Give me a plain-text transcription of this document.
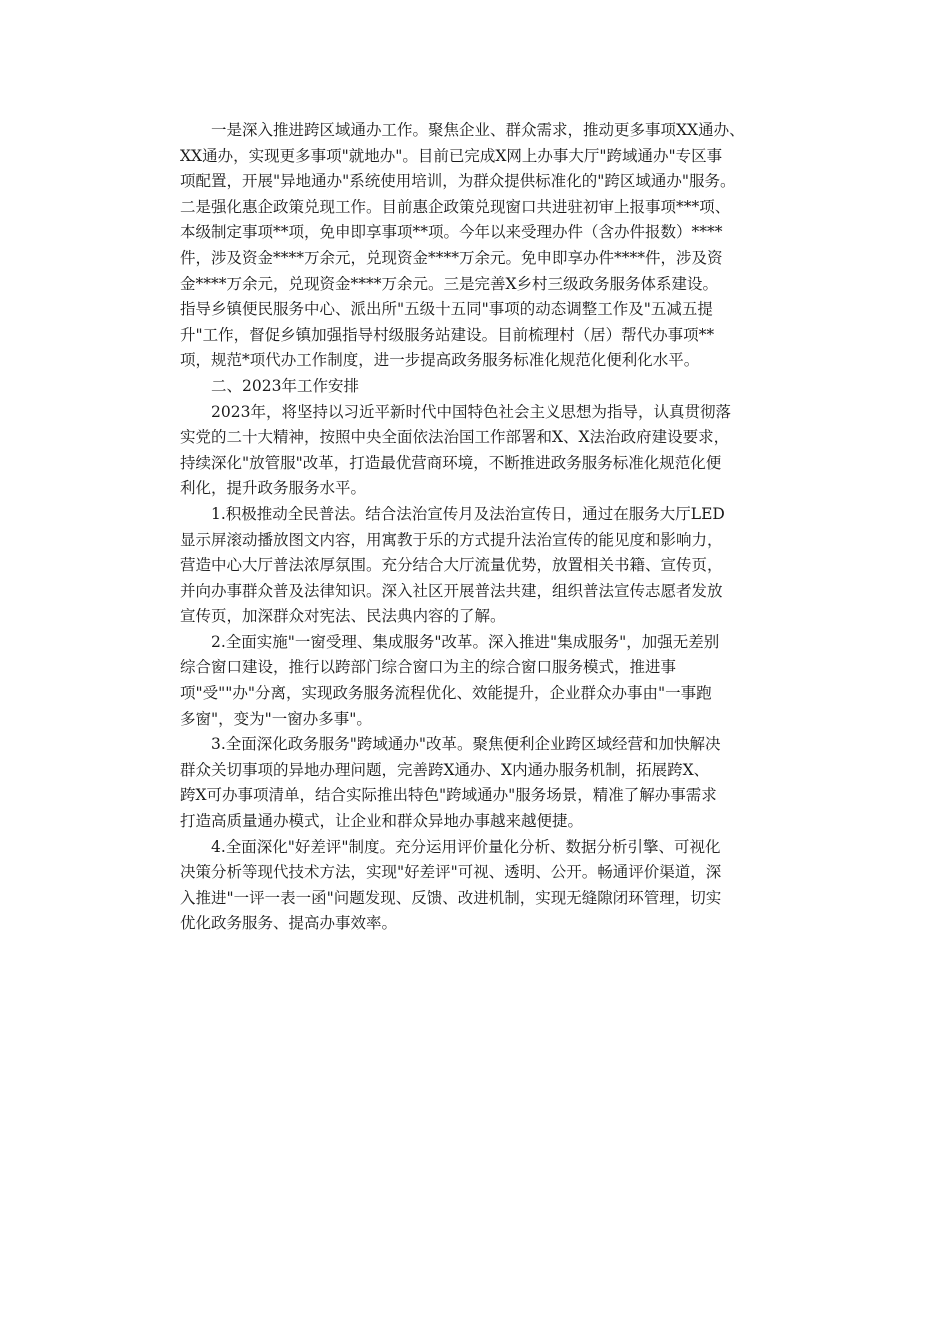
一是深入推进跨区域通办工作。聚焦企业、群众需求，推动更多事项XX通办、
XX通办，实现更多事项"就地办"。目前已完成X网上办事大厅"跨域通办"专区事
项配置，开展"异地通办"系统使用培训，为群众提供标准化的"跨区域通办"服务。
二是强化惠企政策兑现工作。目前惠企政策兑现窗口共进驻初审上报事项***项、
本级制定事项**项，免申即享事项**项。今年以来受理办件（含办件报数）****
件，涉及资金****万余元，兑现资金****万余元。免申即享办件****件，涉及资
金****万余元，兑现资金****万余元。三是完善X乡村三级政务服务体系建设。
指导乡镇便民服务中心、派出所"五级十五同"事项的动态调整工作及"五减五提
升"工作，督促乡镇加强指导村级服务站建设。目前梳理村（居）帮代办事项**
项，规范*项代办工作制度，进一步提高政务服务标准化规范化便利化水平。

二、2023年工作安排

2023年，将坚持以习近平新时代中国特色社会主义思想为指导，认真贯彻落
实党的二十大精神，按照中央全面依法治国工作部署和X、X法治政府建设要求，
持续深化"放管服"改革，打造最优营商环境，不断推进政务服务标准化规范化便
利化，提升政务服务水平。

1.积极推动全民普法。结合法治宣传月及法治宣传日，通过在服务大厅LED
显示屏滚动播放图文内容，用寓教于乐的方式提升法治宣传的能见度和影响力，
营造中心大厅普法浓厚氛围。充分结合大厅流量优势，放置相关书籍、宣传页，
并向办事群众普及法律知识。深入社区开展普法共建，组织普法宣传志愿者发放
宣传页，加深群众对宪法、民法典内容的了解。

2.全面实施"一窗受理、集成服务"改革。深入推进"集成服务"，加强无差别
综合窗口建设，推行以跨部门综合窗口为主的综合窗口服务模式，推进事
项"受""办"分离，实现政务服务流程优化、效能提升，企业群众办事由"一事跑
多窗"，变为"一窗办多事"。

3.全面深化政务服务"跨域通办"改革。聚焦便利企业跨区域经营和加快解决
群众关切事项的异地办理问题，完善跨X通办、X内通办服务机制，拓展跨X、
跨X可办事项清单，结合实际推出特色"跨域通办"服务场景，精准了解办事需求
打造高质量通办模式，让企业和群众异地办事越来越便捷。

4.全面深化"好差评"制度。充分运用评价量化分析、数据分析引擎、可视化
决策分析等现代技术方法，实现"好差评"可视、透明、公开。畅通评价渠道，深
入推进"一评一表一函"问题发现、反馈、改进机制，实现无缝隙闭环管理，切实
优化政务服务、提高办事效率。
